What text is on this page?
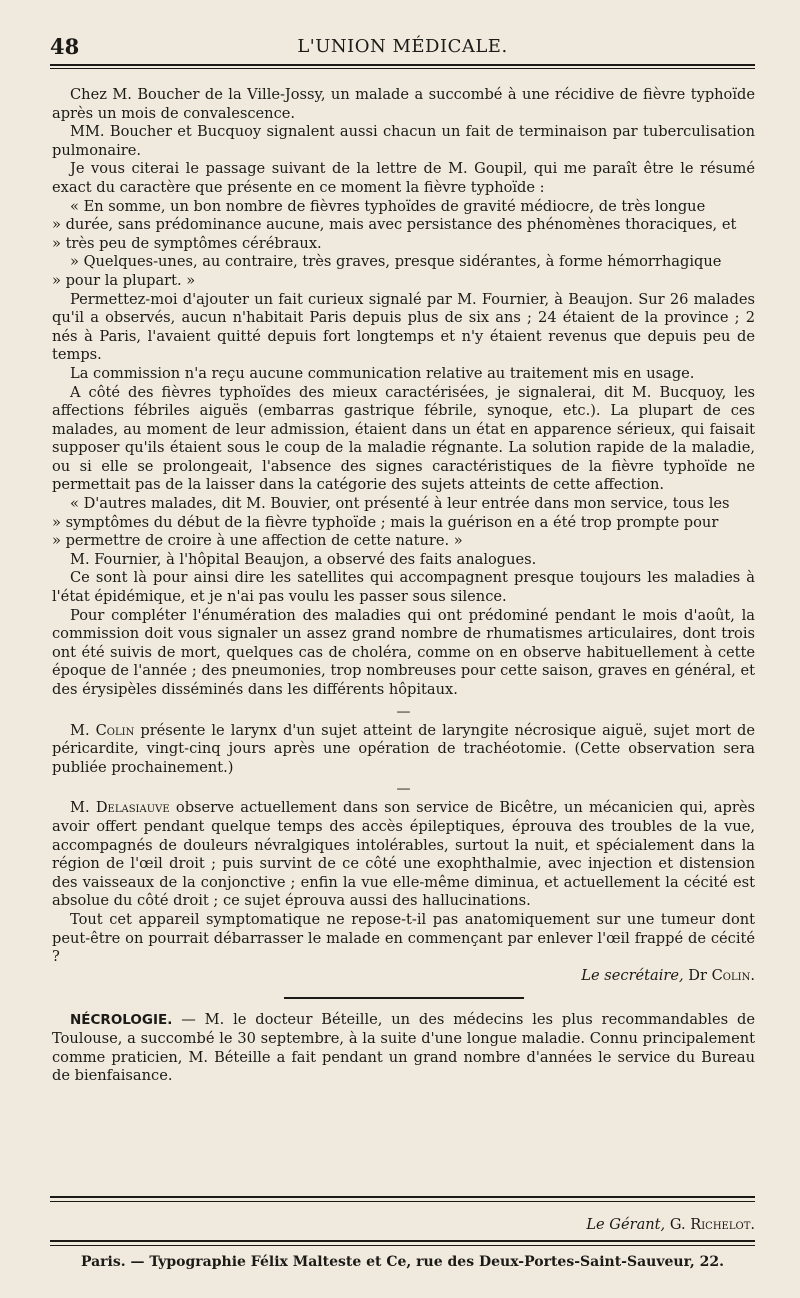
48	L'UNION MÉDICALE.

Chez M. Boucher de la Ville-Jossy, un malade a succombé à une récidive de fièvre typhoïde après un mois de convalescence.

MM. Boucher et Bucquoy signalent aussi chacun un fait de terminaison par tuberculisation pulmonaire.

Je vous citerai le passage suivant de la lettre de M. Goupil, qui me paraît être le résumé exact du caractère que présente en ce moment la fièvre typhoïde :

« En somme, un bon nombre de fièvres typhoïdes de gravité médiocre, de très longue

» durée, sans prédominance aucune, mais avec persistance des phénomènes thoraciques, et

» très peu de symptômes cérébraux.

» Quelques-unes, au contraire, très graves, presque sidérantes, à forme hémorrhagique

» pour la plupart. »

Permettez-moi d'ajouter un fait curieux signalé par M. Fournier, à Beaujon. Sur 26 malades qu'il a observés, aucun n'habitait Paris depuis plus de six ans ; 24 étaient de la province ; 2 nés à Paris, l'avaient quitté depuis fort longtemps et n'y étaient revenus que depuis peu de temps.

La commission n'a reçu aucune communication relative au traitement mis en usage.

A côté des fièvres typhoïdes des mieux caractérisées, je signalerai, dit M. Bucquoy, les affections fébriles aiguës (embarras gastrique fébrile, synoque, etc.). La plupart de ces malades, au moment de leur admission, étaient dans un état en apparence sérieux, qui faisait supposer qu'ils étaient sous le coup de la maladie régnante. La solution rapide de la maladie, ou si elle se prolongeait, l'absence des signes caractéristiques de la fièvre typhoïde ne permettait pas de la laisser dans la catégorie des sujets atteints de cette affection.

« D'autres malades, dit M. Bouvier, ont présenté à leur entrée dans mon service, tous les

» symptômes du début de la fièvre typhoïde ; mais la guérison en a été trop prompte pour

» permettre de croire à une affection de cette nature. »

M. Fournier, à l'hôpital Beaujon, a observé des faits analogues.

Ce sont là pour ainsi dire les satellites qui accompagnent presque toujours les maladies à l'état épidémique, et je n'ai pas voulu les passer sous silence.

Pour compléter l'énumération des maladies qui ont prédominé pendant le mois d'août, la commission doit vous signaler un assez grand nombre de rhumatismes articulaires, dont trois ont été suivis de mort, quelques cas de choléra, comme on en observe habituellement à cette époque de l'année ; des pneumonies, trop nombreuses pour cette saison, graves en général, et des érysipèles disséminés dans les différents hôpitaux.

—

M. Colin présente le larynx d'un sujet atteint de laryngite nécrosique aiguë, sujet mort de péricardite, vingt-cinq jours après une opération de trachéotomie. (Cette observation sera publiée prochainement.)

—

M. Delasiauve observe actuellement dans son service de Bicêtre, un mécanicien qui, après avoir offert pendant quelque temps des accès épileptiques, éprouva des troubles de la vue, accompagnés de douleurs névralgiques intolérables, surtout la nuit, et spécialement dans la région de l'œil droit ; puis survint de ce côté une exophthalmie, avec injection et distension des vaisseaux de la conjonctive ; enfin la vue elle-même diminua, et actuellement la cécité est absolue du côté droit ; ce sujet éprouva aussi des hallucinations.

Tout cet appareil symptomatique ne repose-t-il pas anatomiquement sur une tumeur dont peut-être on pourrait débarrasser le malade en commençant par enlever l'œil frappé de cécité ?

Le secrétaire, Dr Colin.

NÉCROLOGIE. — M. le docteur Béteille, un des médecins les plus recommandables de Toulouse, a succombé le 30 septembre, à la suite d'une longue maladie. Connu principalement comme praticien, M. Béteille a fait pendant un grand nombre d'années le service du Bureau de bienfaisance.

Le Gérant, G. Richelot.
Paris. — Typographie Félix Malteste et Ce, rue des Deux-Portes-Saint-Sauveur, 22.
